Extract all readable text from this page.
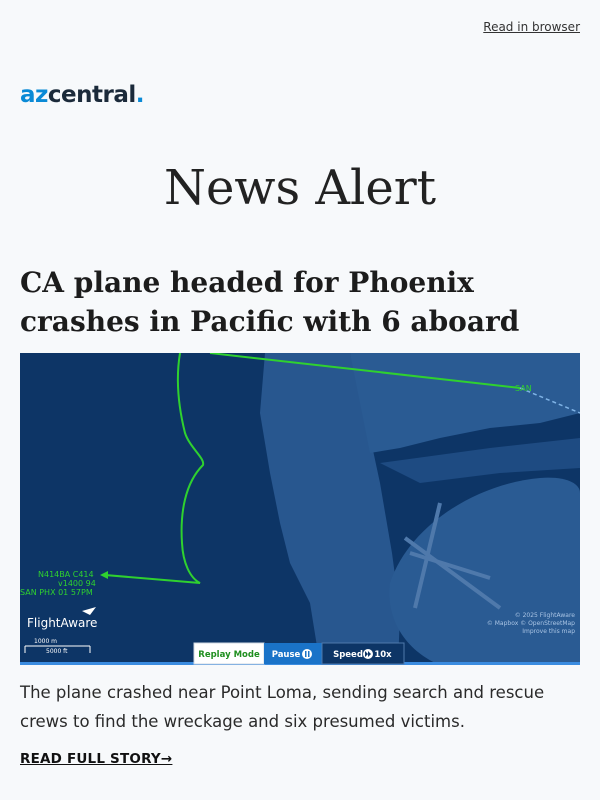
Read in browser
azcentral.
News Alert
CA plane headed for Phoenix crashes in Pacific with 6 aboard
SAN
N414BA C414
v1400 94
SAN PHX 01 57PM
FlightAware
1000 m
5000 ft
© 2025 FlightAware
© Mapbox © OpenStreetMap
Improve this map
Replay Mode Pause	Speed 10x

The plane crashed near Point Loma, sending search and rescue crews to find the wreckage and six presumed victims.

READ FULL STORY→
